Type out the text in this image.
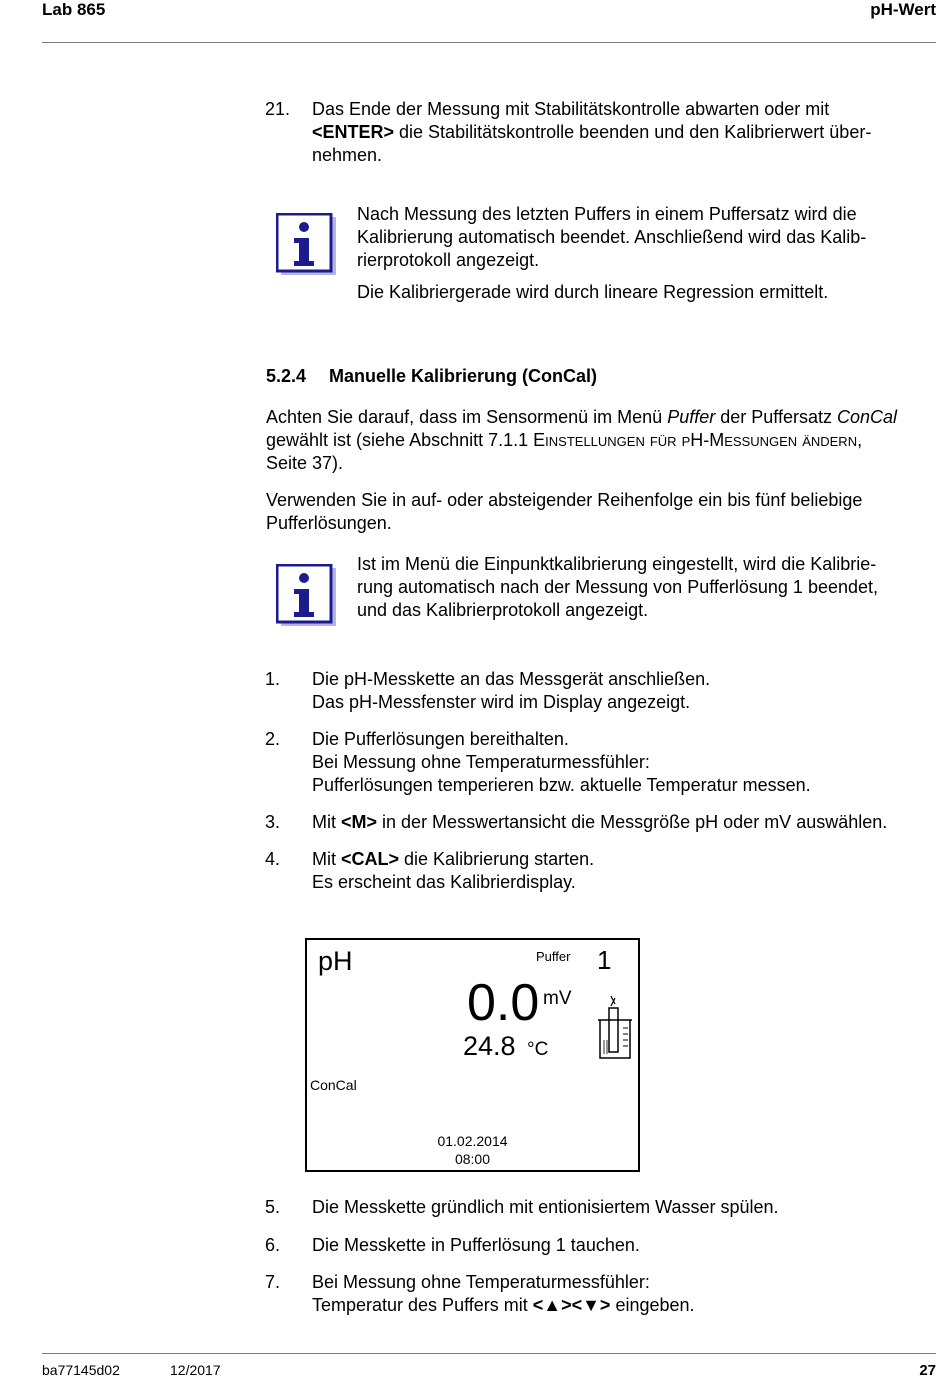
Lab 865	pH-Wert
21. Das Ende der Messung mit Stabilitätskontrolle abwarten oder mit
<ENTER> die Stabilitätskontrolle beenden und den Kalibrierwert über-
nehmen.
Nach Messung des letzten Puffers in einem Puffersatz wird die
Kalibrierung automatisch beendet. Anschließend wird das Kalib-
rierprotokoll angezeigt.
Die Kalibriergerade wird durch lineare Regression ermittelt.
5.2.4 Manuelle Kalibrierung (ConCal)
Achten Sie darauf, dass im Sensormenü im Menü Puffer der Puffersatz ConCal
gewählt ist (siehe Abschnitt 7.1.1 Einstellungen für pH-Messungen ändern,
Seite 37).
Verwenden Sie in auf- oder absteigender Reihenfolge ein bis fünf beliebige
Pufferlösungen.
Ist im Menü die Einpunktkalibrierung eingestellt, wird die Kalibrie-
rung automatisch nach der Messung von Pufferlösung 1 beendet,
und das Kalibrierprotokoll angezeigt.
1. Die pH-Messkette an das Messgerät anschließen.
Das pH-Messfenster wird im Display angezeigt.
2. Die Pufferlösungen bereithalten.
Bei Messung ohne Temperaturmessfühler:
Pufferlösungen temperieren bzw. aktuelle Temperatur messen.
3. Mit <M> in der Messwertansicht die Messgröße pH oder mV auswählen.
4. Mit <CAL> die Kalibrierung starten.
Es erscheint das Kalibrierdisplay.
pH	Puffer 1
0.0 mV
24.8 °C
ConCal
01.02.2014
08:00
5. Die Messkette gründlich mit entionisiertem Wasser spülen.
6. Die Messkette in Pufferlösung 1 tauchen.
7. Bei Messung ohne Temperaturmessfühler:
Temperatur des Puffers mit <▲><▼> eingeben.
ba77145d02	12/2017	27
